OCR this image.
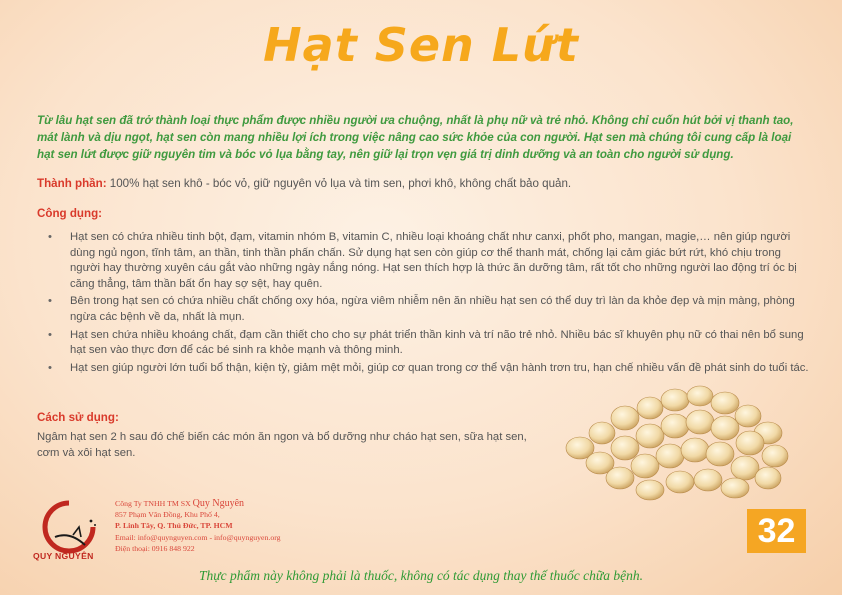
Hạt Sen Lứt
Từ lâu hạt sen đã trở thành loại thực phẩm được nhiều người ưa chuộng, nhất là phụ nữ và trẻ nhỏ. Không chỉ cuốn hút bởi vị thanh tao, mát lành và dịu ngọt, hạt sen còn mang nhiều lợi ích trong việc nâng cao sức khỏe của con người. Hạt sen mà chúng tôi cung cấp là loại hạt sen lứt được giữ nguyên tim và bóc vỏ lụa bằng tay, nên giữ lại trọn vẹn giá trị dinh dưỡng và an toàn cho người sử dụng.
Thành phần: 100% hạt sen khô - bóc vỏ, giữ nguyên vỏ lụa và tim sen, phơi khô, không chất bảo quản.
Công dụng:
• Hạt sen có chứa nhiều tinh bột, đạm, vitamin nhóm B, vitamin C, nhiều loại khoáng chất như canxi, phốt pho, mangan, magie,… nên giúp người dùng ngủ ngon, tĩnh tâm, an thần, tinh thần phấn chấn. Sử dụng hạt sen còn giúp cơ thể thanh mát, chống lại cảm giác bứt rứt, khó chịu trong người hay thường xuyên cáu gắt vào những ngày nắng nóng. Hạt sen thích hợp là thức ăn dưỡng tâm, rất tốt cho những người lao động trí óc bị căng thẳng, tâm thần bất ổn hay sợ sệt, hay quên.
• Bên trong hạt sen có chứa nhiều chất chống oxy hóa, ngừa viêm nhiễm nên ăn nhiều hạt sen có thể duy trì làn da khỏe đẹp và mịn màng, phòng ngừa các bệnh về da, nhất là mụn.
• Hạt sen chứa nhiều khoáng chất, đạm cần thiết cho cho sự phát triển thần kinh và trí não trẻ nhỏ. Nhiều bác sĩ khuyên phụ nữ có thai nên bổ sung hạt sen vào thực đơn để các bé sinh ra khỏe mạnh và thông minh.
• Hạt sen giúp người lớn tuổi bổ thận, kiện tỳ, giảm mệt mỏi, giúp cơ quan trong cơ thể vận hành trơn tru, hạn chế nhiều vấn đề phát sinh do tuổi tác.
Cách sử dụng:
Ngâm hạt sen 2 h sau đó chế biến các món ăn ngon và bổ dưỡng như cháo hạt sen, sữa hạt sen, cơm và xôi hạt sen.
QUY NGUYÊN
Công Ty TNHH TM SX Quy Nguyên
857 Phạm Văn Đồng, Khu Phố 4,
P. Linh Tây, Q. Thủ Đức, TP. HCM
Email: info@quynguyen.com - info@quynguyen.org
Điện thoại: 0916 848 922	32
Thực phẩm này không phải là thuốc, không có tác dụng thay thế thuốc chữa bệnh.
